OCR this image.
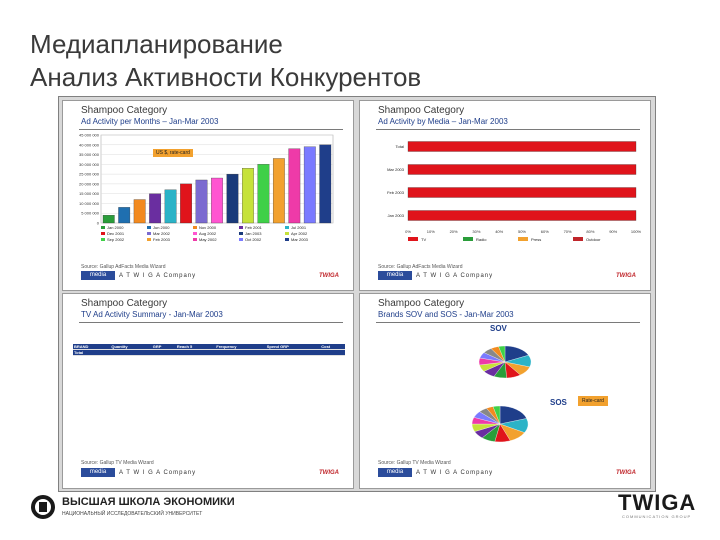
Медиапланирование
Анализ Активности Конкурентов
Shampoo Category
Ad Activity per Months – Jan-Mar 2003
45 000 000
40 000 000
35 000 000
30 000 000
25 000 000
20 000 000
15 000 000
10 000 000
5 000 000
0
Jan 2000	Jun 2000	Nov 2000	Feb 2001	Jul 2001
Dec 2001	Mar 2002	Aug 2002	Jan 2003	Apr 2002
Sep 2002	Feb 2003	May 2002	Oct 2002	Mar 2003
US $, rate-card
Source: Gallup AdFacts Media Wizard
media	A T W I G A Company	TWIGA
Shampoo Category
Ad Activity by Media – Jan-Mar 2003
Total
Mar 2003
Feb 2003
Jan 2003
0%	10%	20%	30%	40%	50%	60%	70%	80%	90%	100%
TV	Radio	Press	Outdoor
Source: Gallup AdFacts Media Wizard
media	A T W I G A Company	TWIGA
Shampoo Category
TV Ad Activity Summary - Jan-Mar 2003
BRAND	Quantity	GRP	Reach 5	Frequency	Spend GRP	Cost
Total						
Source: Gallup TV Media Wizard
media	A T W I G A Company	TWIGA
Shampoo Category
Brands SOV and SOS - Jan-Mar 2003
SOV
SOS	Rate-card
Source: Gallup TV Media Wizard
media	A T W I G A Company	TWIGA
ВЫСШАЯ ШКОЛА ЭКОНОМИКИ
НАЦИОНАЛЬНЫЙ ИССЛЕДОВАТЕЛЬСКИЙ УНИВЕРСИТЕТ	TWIGA
COMMUNICATION GROUP
